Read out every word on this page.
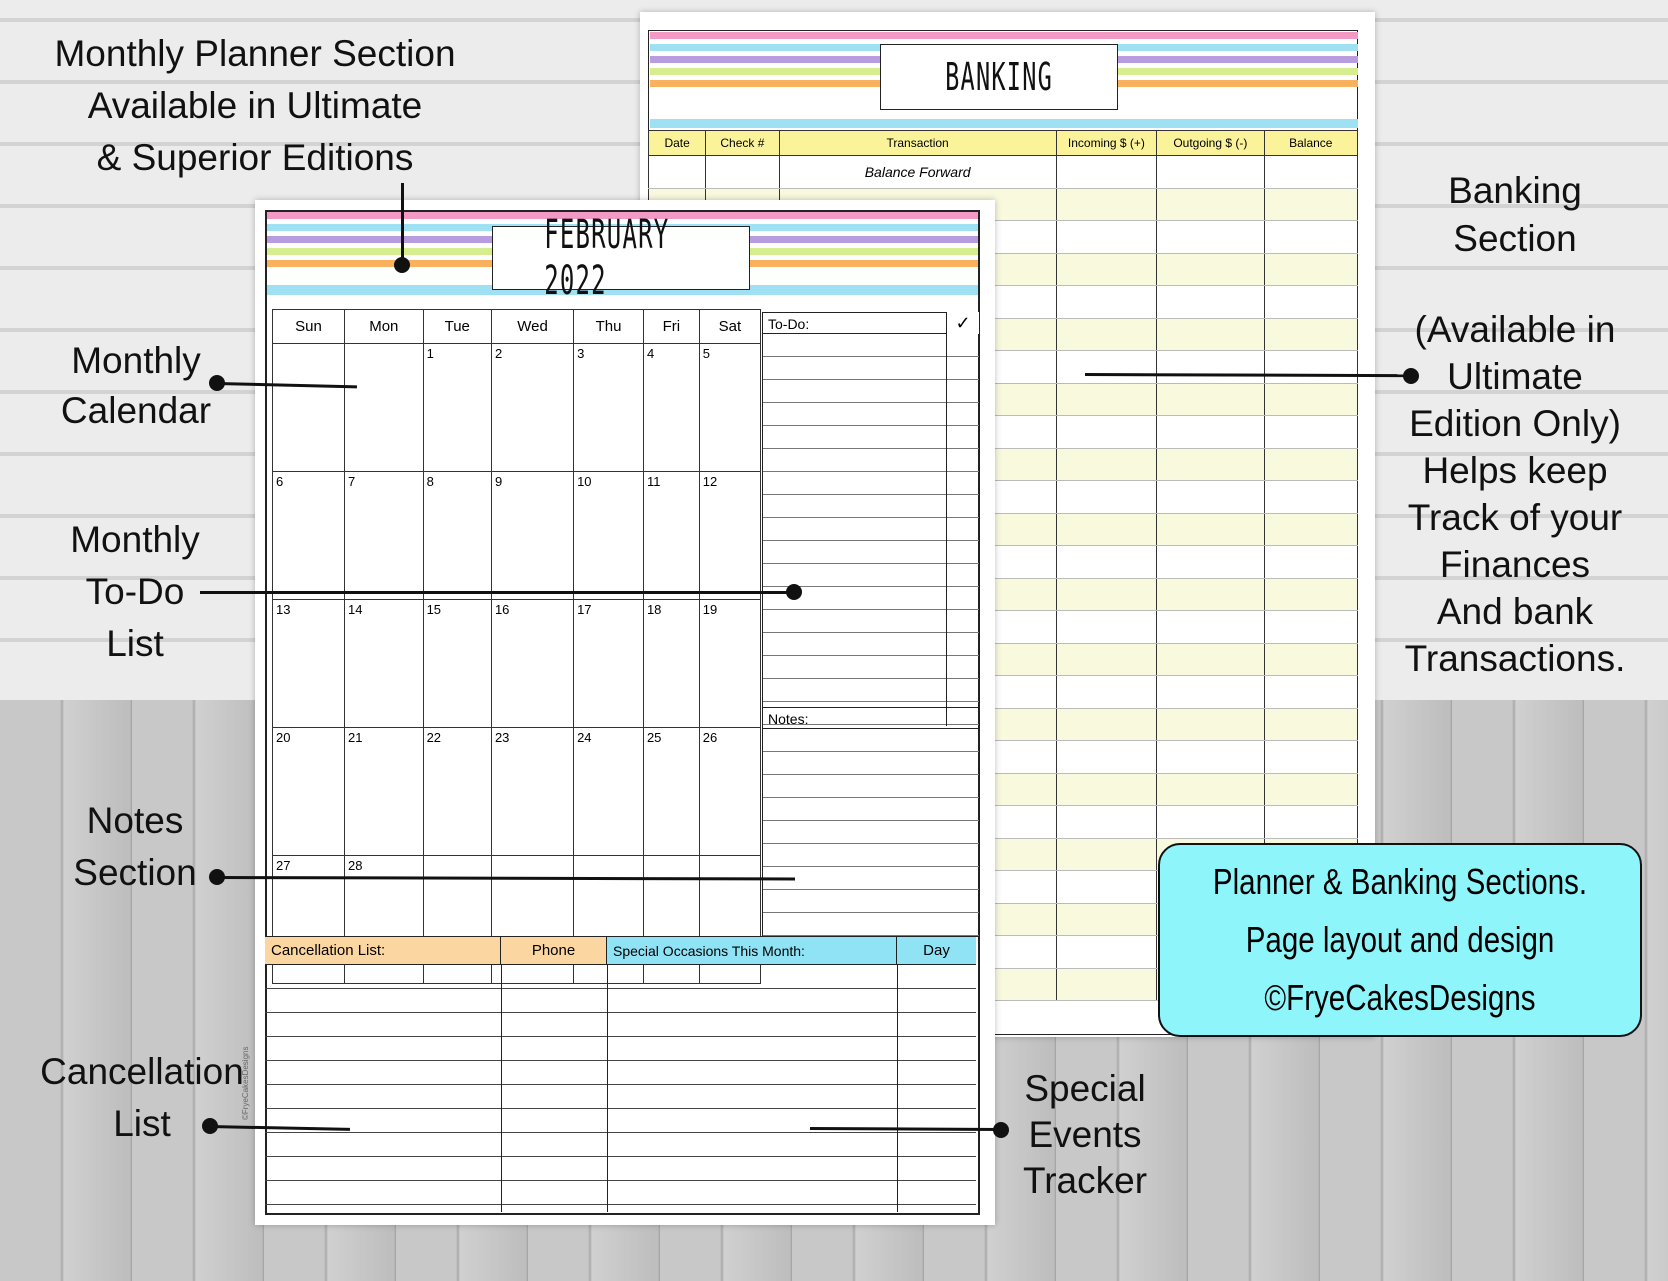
BANKING
Date	Check #	Transaction	Incoming $ (+)	Outgoing $ (-)	Balance
		Balance Forward			

FEBRUARY 2022
Sun	Mon	Tue	Wed	Thu	Fri	Sat
		1	2	3	4	5
6	7	8	9	10	11	12
13	14	15	16	17	18	19
20	21	22	23	24	25	26
27	28					
To-Do:	✓
Notes:
Cancellation List:	Phone	Special Occasions This Month:	Day
©FryeCakesDesigns
Planner & Banking Sections.
Page layout and design
©FryeCakesDesigns
Monthly Planner Section
Available in Ultimate
& Superior Editions
Monthly
Calendar
Monthly
To-Do
List
Notes
Section
Cancellation
List
Banking
Section
(Available in
Ultimate
Edition Only)
Helps keep
Track of your
Finances
And bank
Transactions.
Special
Events
Tracker
